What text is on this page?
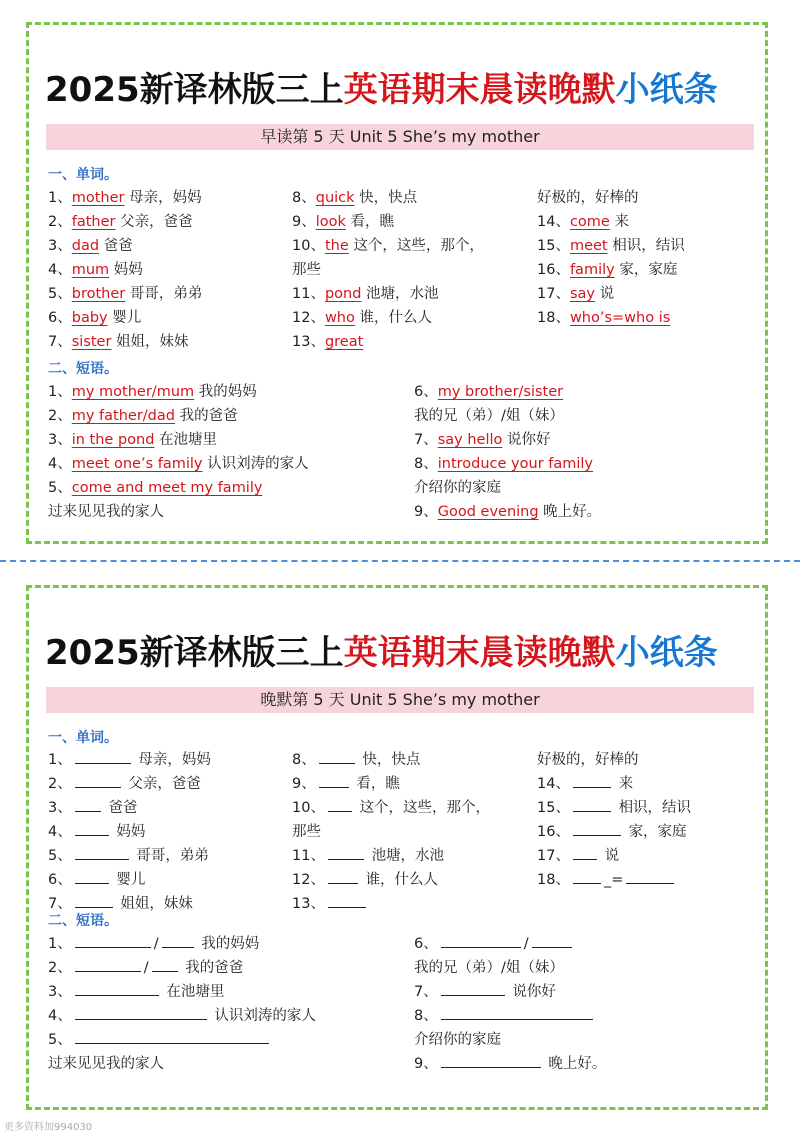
2025新译林版三上英语期末晨读晚默小纸条
早读第 5 天 Unit 5 She’s my mother
一、单词。
1、mother 母亲，妈妈
2、father 父亲，爸爸
3、dad 爸爸
4、mum 妈妈
5、brother 哥哥，弟弟
6、baby 婴儿
7、sister 姐姐，妹妹
8、quick 快，快点
9、look 看，瞧
10、the 这个，这些，那个，
那些
11、pond 池塘，水池
12、who 谁，什么人
13、great
好极的，好棒的
14、come 来
15、meet 相识，结识
16、family 家，家庭
17、say 说
18、who’s=who is
二、短语。
1、my mother/mum 我的妈妈
2、my father/dad 我的爸爸
3、in the pond 在池塘里
4、meet one’s family 认识刘涛的家人
5、come and meet my family
过来见见我的家人
6、my brother/sister
我的兄（弟）/姐（妹）
7、say hello 说你好
8、introduce your family
介绍你的家庭
9、Good evening 晚上好。
2025新译林版三上英语期末晨读晚默小纸条
晚默第 5 天 Unit 5 She’s my mother
一、单词。
1、	母亲，妈妈
2、	父亲，爸爸
3、	爸爸
4、	妈妈
5、	哥哥，弟弟
6、	婴儿
7、	姐姐，妹妹
8、	快，快点
9、	看，瞧
10、 这个，这些，那个，
那些
11、	池塘，水池
12、	谁，什么人
13、
好极的，好棒的
14、	来
15、	相识，结识
16、	家，家庭
17、 说
18、 _=
二、短语。
1、	/	我的妈妈
2、	/	我的爸爸
3、	在池塘里
4、	认识刘涛的家人
5、
过来见见我的家人
6、	/
我的兄（弟）/姐（妹）
7、	说你好
8、
介绍你的家庭
9、	晚上好。
更多资料加994030
